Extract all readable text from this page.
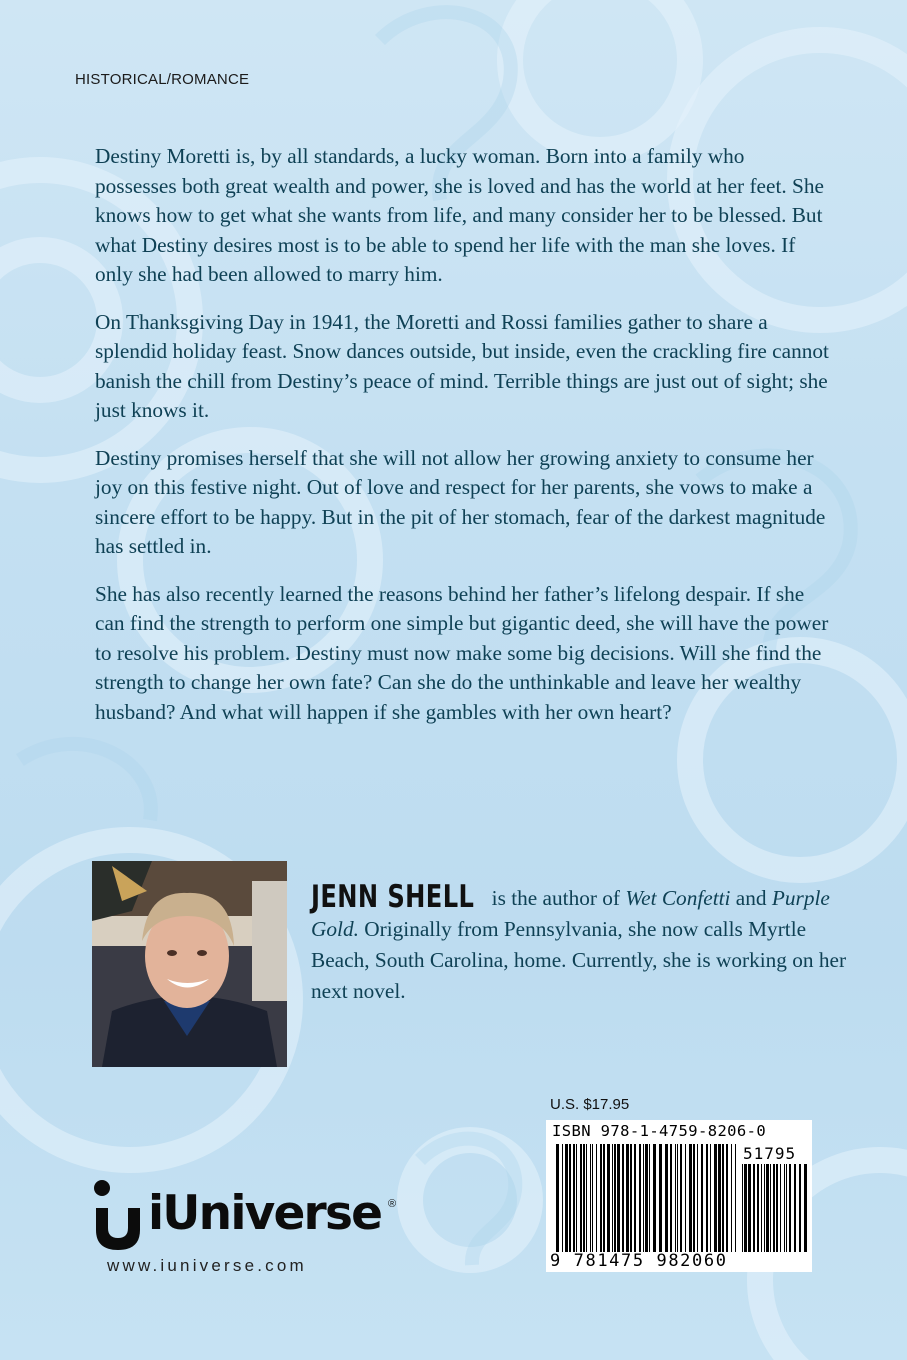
HISTORICAL/ROMANCE

Destiny Moretti is, by all standards, a lucky woman. Born into a family who possesses both great wealth and power, she is loved and has the world at her feet. She knows how to get what she wants from life, and many consider her to be blessed. But what Destiny desires most is to be able to spend her life with the man she loves. If only she had been allowed to marry him.

On Thanksgiving Day in 1941, the Moretti and Rossi families gather to share a splendid holiday feast. Snow dances outside, but inside, even the crackling fire cannot banish the chill from Destiny’s peace of mind. Terrible things are just out of sight; she just knows it.

Destiny promises herself that she will not allow her growing anxiety to consume her joy on this festive night. Out of love and respect for her parents, she vows to make a sincere effort to be happy. But in the pit of her stomach, fear of the darkest magnitude has settled in.

She has also recently learned the reasons behind her father’s lifelong despair. If she can find the strength to perform one simple but gigantic deed, she will have the power to resolve his problem. Destiny must now make some big decisions. Will she find the strength to change her own fate? Can she do the unthinkable and leave her wealthy husband? And what will happen if she gambles with her own heart?

JENN SHELL is the author of Wet Confetti and Purple Gold. Originally from Pennsylvania, she now calls Myrtle Beach, South Carolina, home. Currently, she is working on her next novel.
U.S. $17.95
ISBN 978-1-4759-8206-0
51795
9 781475 982060
iUniverse ®
www.iuniverse.com
